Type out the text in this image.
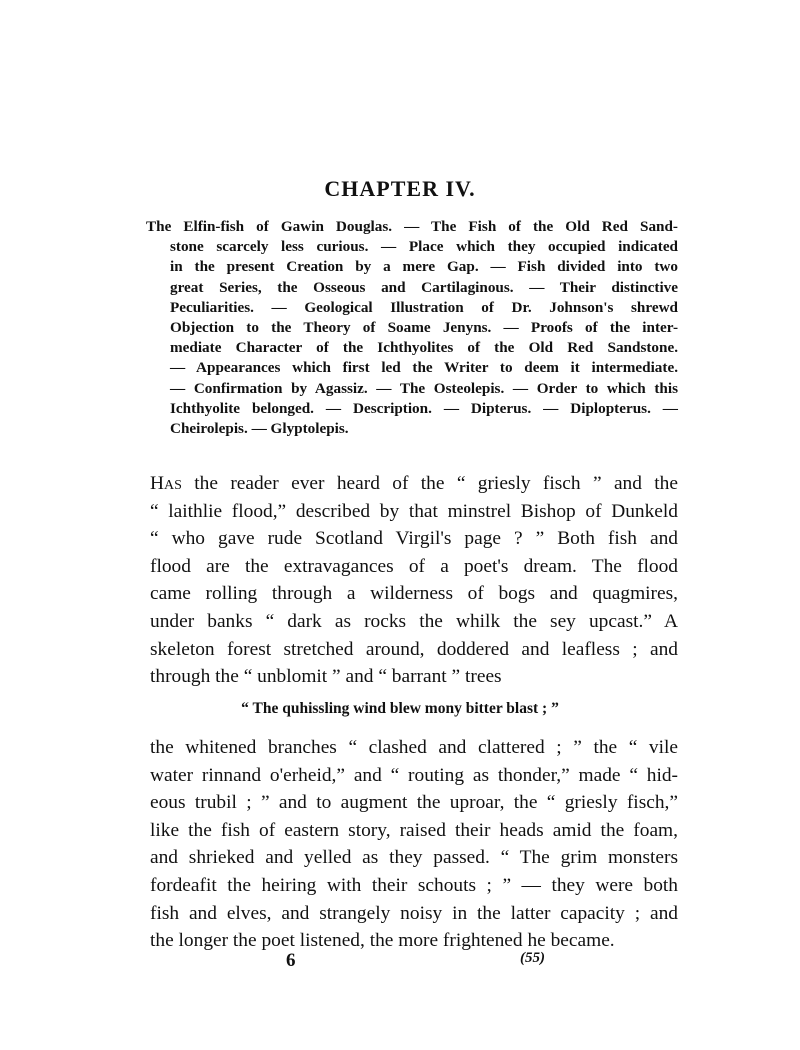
CHAPTER IV.
The Elfin-fish of Gawin Douglas. — The Fish of the Old Red Sand-
stone scarcely less curious. — Place which they occupied indicated
in the present Creation by a mere Gap. — Fish divided into two
great Series, the Osseous and Cartilaginous. — Their distinctive
Peculiarities. — Geological Illustration of Dr. Johnson's shrewd
Objection to the Theory of Soame Jenyns. — Proofs of the inter-
mediate Character of the Ichthyolites of the Old Red Sandstone.
— Appearances which first led the Writer to deem it intermediate.
— Confirmation by Agassiz. — The Osteolepis. — Order to which this
Ichthyolite belonged. — Description. — Dipterus. — Diplopterus. —
Cheirolepis. — Glyptolepis.
Has the reader ever heard of the “ griesly fisch ” and the
“ laithlie flood,” described by that minstrel Bishop of Dunkeld
“ who gave rude Scotland Virgil's page ? ” Both fish and
flood are the extravagances of a poet's dream. The flood
came rolling through a wilderness of bogs and quagmires,
under banks “ dark as rocks the whilk the sey upcast.” A
skeleton forest stretched around, doddered and leafless ; and
through the “ unblomit ” and “ barrant ” trees

“ The quhissling wind blew mony bitter blast ; ”

the whitened branches “ clashed and clattered ; ” the “ vile
water rinnand o'erheid,” and “ routing as thonder,” made “ hid-
eous trubil ; ” and to augment the uproar, the “ griesly fisch,”
like the fish of eastern story, raised their heads amid the foam,
and shrieked and yelled as they passed. “ The grim monsters
fordeafit the heiring with their schouts ; ” — they were both
fish and elves, and strangely noisy in the latter capacity ; and
the longer the poet listened, the more frightened he became.
6	(55)
